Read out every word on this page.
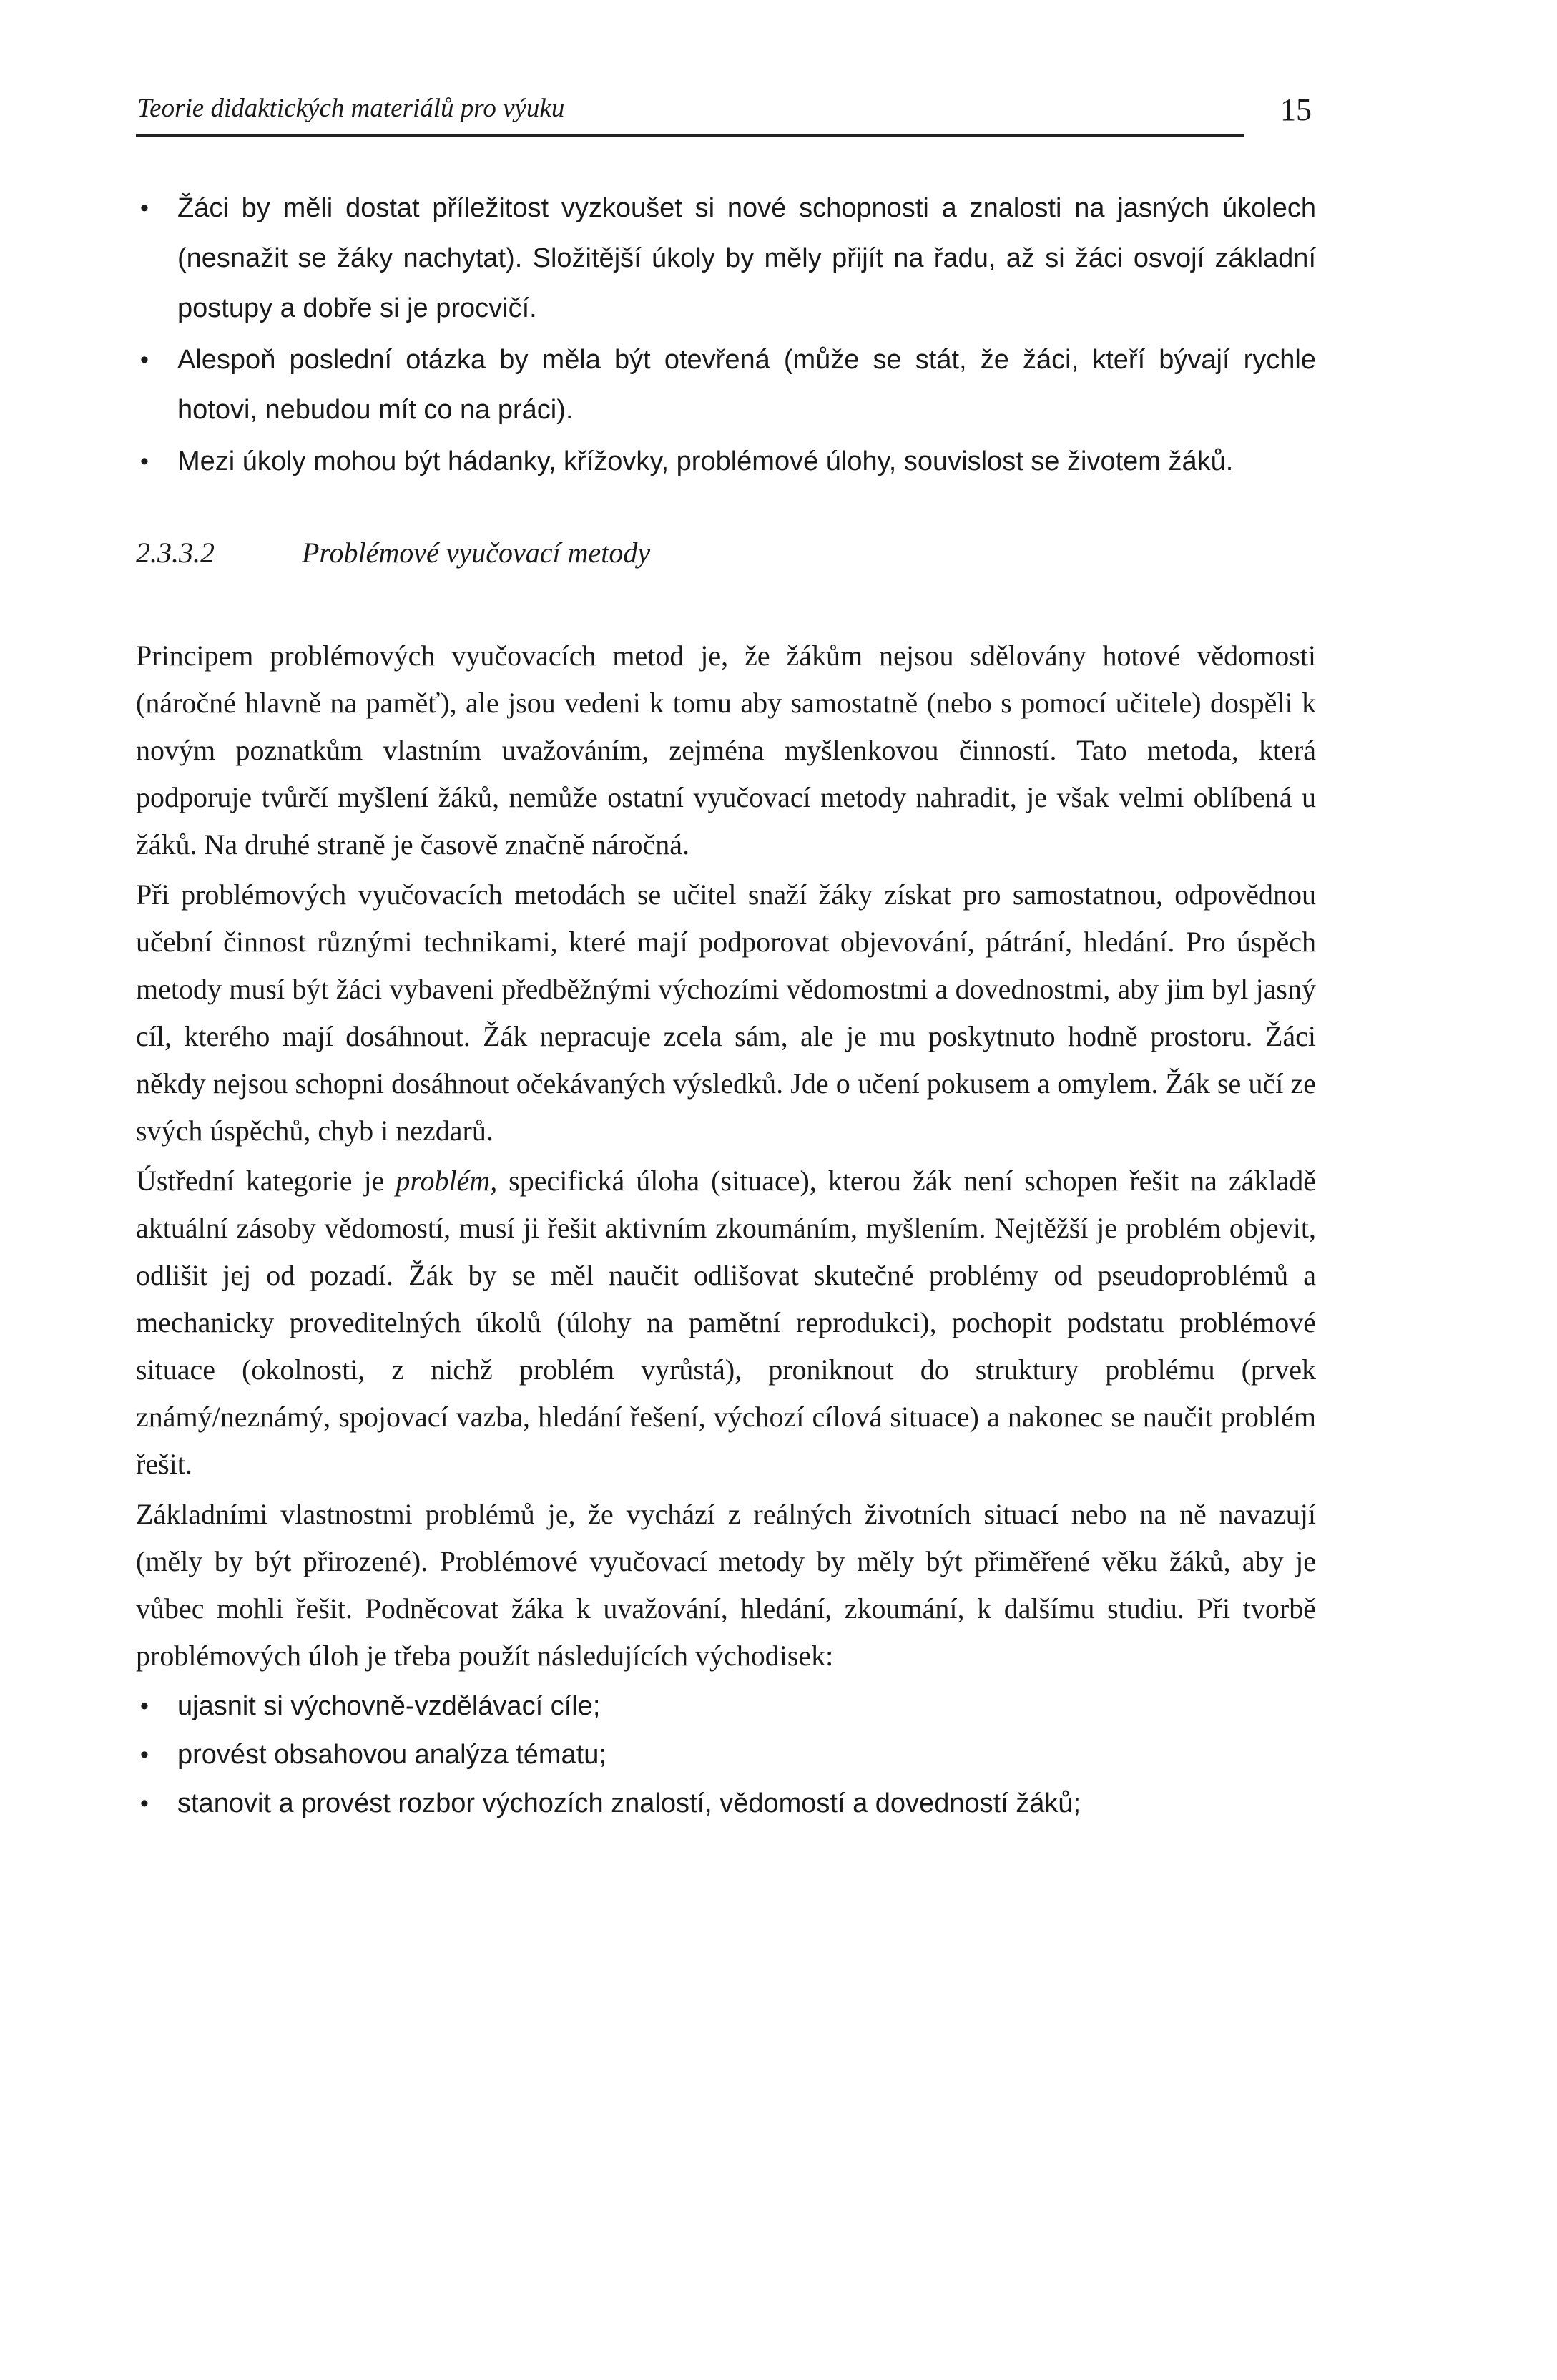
Teorie didaktických materiálů pro výuku	15
• Žáci by měli dostat příležitost vyzkoušet si nové schopnosti a znalosti na jasných úkolech (nesnažit se žáky nachytat). Složitější úkoly by měly přijít na řadu, až si žáci osvojí základní postupy a dobře si je procvičí.
• Alespoň poslední otázka by měla být otevřená (může se stát, že žáci, kteří bývají rychle hotovi, nebudou mít co na práci).
• Mezi úkoly mohou být hádanky, křížovky, problémové úlohy, souvislost se životem žáků.
2.3.3.2	Problémové vyučovací metody

Principem problémových vyučovacích metod je, že žákům nejsou sdělovány hotové vědomosti (náročné hlavně na paměť), ale jsou vedeni k tomu aby samostatně (nebo s pomocí učitele) dospěli k novým poznatkům vlastním uvažováním, zejména myšlenkovou činností. Tato metoda, která podporuje tvůrčí myšlení žáků, nemůže ostatní vyučovací metody nahradit, je však velmi oblíbená u žáků. Na druhé straně je časově značně náročná.

Při problémových vyučovacích metodách se učitel snaží žáky získat pro samostatnou, odpovědnou učební činnost různými technikami, které mají podporovat objevování, pátrání, hledání. Pro úspěch metody musí být žáci vybaveni předběžnými výchozími vědomostmi a dovednostmi, aby jim byl jasný cíl, kterého mají dosáhnout. Žák nepracuje zcela sám, ale je mu poskytnuto hodně prostoru. Žáci někdy nejsou schopni dosáhnout očekávaných výsledků. Jde o učení pokusem a omylem. Žák se učí ze svých úspěchů, chyb i nezdarů.

Ústřední kategorie je problém, specifická úloha (situace), kterou žák není schopen řešit na základě aktuální zásoby vědomostí, musí ji řešit aktivním zkoumáním, myšlením. Nejtěžší je problém objevit, odlišit jej od pozadí. Žák by se měl naučit odlišovat skutečné problémy od pseudoproblémů a mechanicky proveditelných úkolů (úlohy na pamětní reprodukci), pochopit podstatu problémové situace (okolnosti, z nichž problém vyrůstá), proniknout do struktury problému (prvek známý/neznámý, spojovací vazba, hledání řešení, výchozí cílová situace) a nakonec se naučit problém řešit.

Základními vlastnostmi problémů je, že vychází z reálných životních situací nebo na ně navazují (měly by být přirozené). Problémové vyučovací metody by měly být přiměřené věku žáků, aby je vůbec mohli řešit. Podněcovat žáka k uvažování, hledání, zkoumání, k dalšímu studiu. Při tvorbě problémových úloh je třeba použít následujících východisek:

• ujasnit si výchovně-vzdělávací cíle;
• provést obsahovou analýza tématu;
• stanovit a provést rozbor výchozích znalostí, vědomostí a dovedností žáků;
